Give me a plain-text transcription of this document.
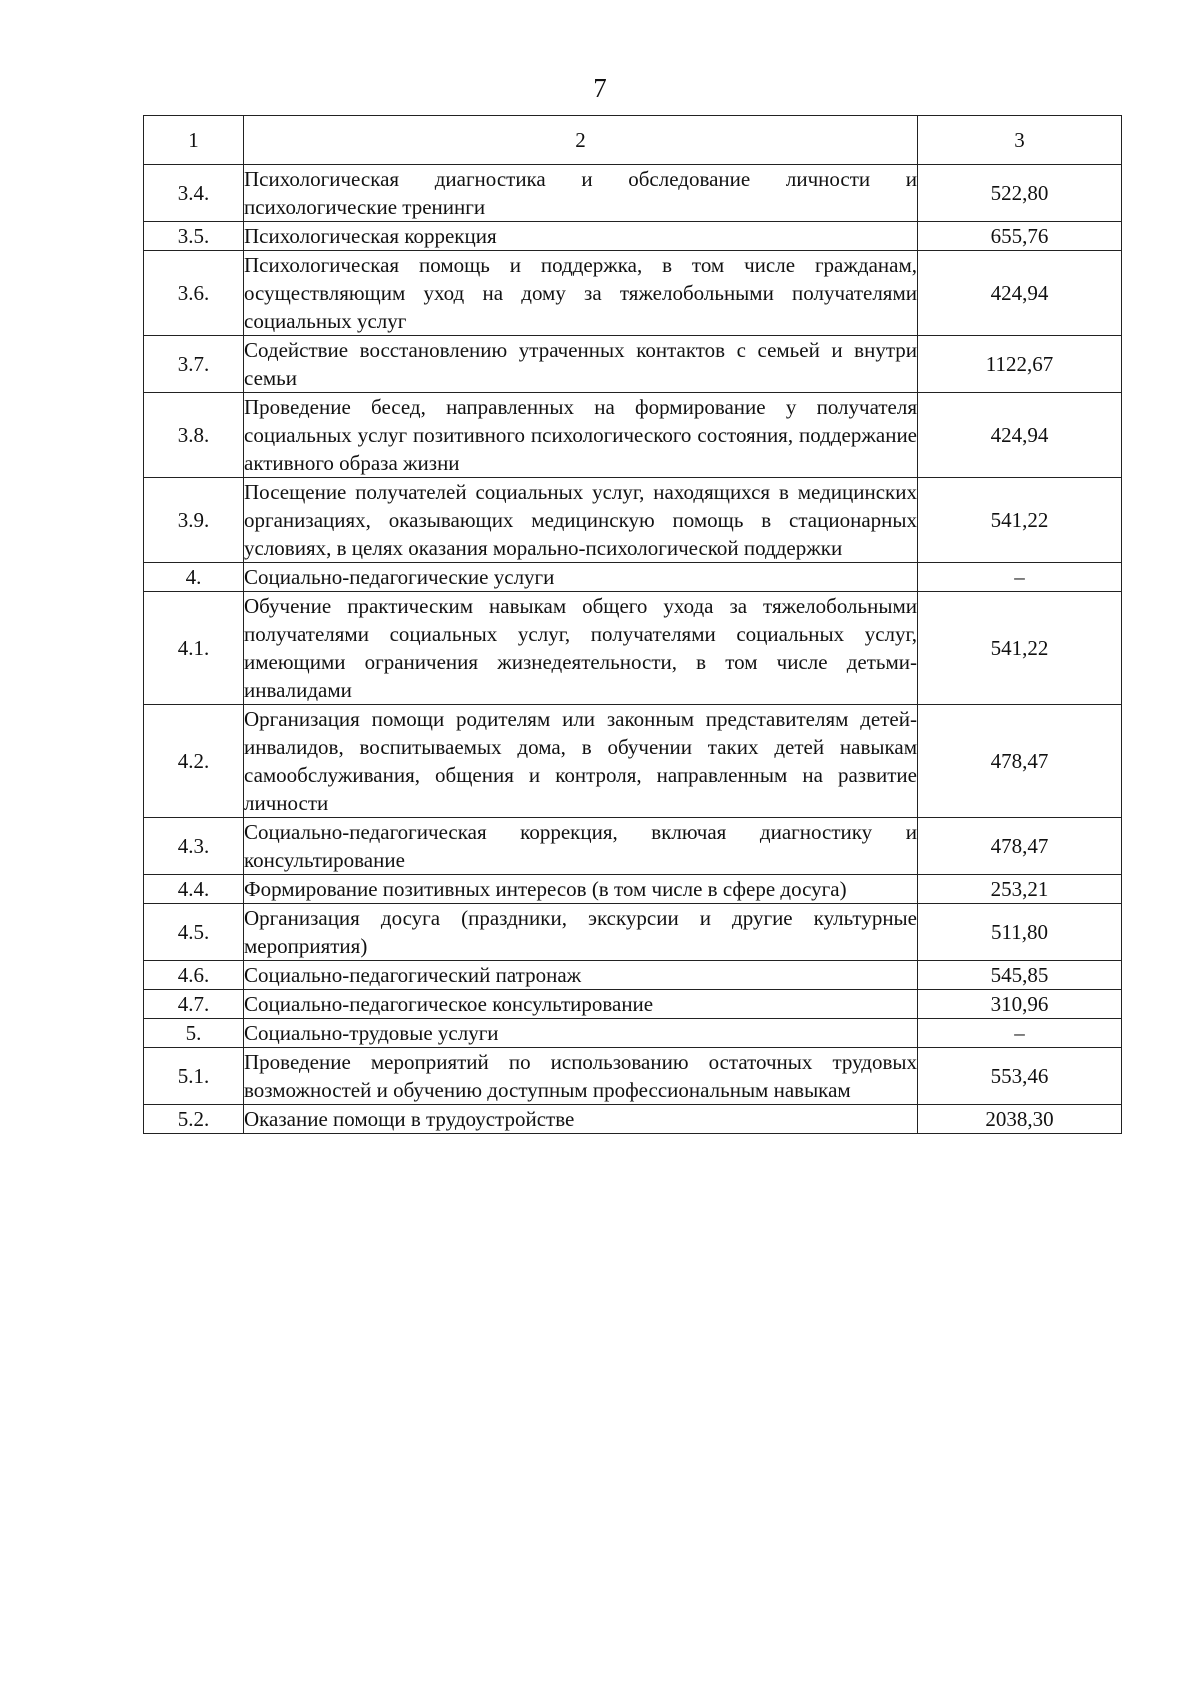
7
1	2	3
3.4.	Психологическая диагностика и обследование личности и психологические тренинги	522,80
3.5.	Психологическая коррекция	655,76
3.6.	Психологическая помощь и поддержка, в том числе гражданам, осуществляющим уход на дому за тяжелобольными получателями социальных услуг	424,94
3.7.	Содействие восстановлению утраченных контактов с семьей и внутри семьи	1122,67
3.8.	Проведение бесед, направленных на формирование у получателя социальных услуг позитивного психологического состояния, поддержание активного образа жизни	424,94
3.9.	Посещение получателей социальных услуг, находящихся в медицинских организациях, оказывающих медицинскую помощь в стационарных условиях, в целях оказания морально-психологической поддержки	541,22
4.	Социально-педагогические услуги	–
4.1.	Обучение практическим навыкам общего ухода за тяжелобольными получателями социальных услуг, получателями социальных услуг, имеющими ограничения жизнедеятельности, в том числе детьми-инвалидами	541,22
4.2.	Организация помощи родителям или законным представителям детей-инвалидов, воспитываемых дома, в обучении таких детей навыкам самообслуживания, общения и контроля, направленным на развитие личности	478,47
4.3.	Социально-педагогическая коррекция, включая диагностику и консультирование	478,47
4.4.	Формирование позитивных интересов (в том числе в сфере досуга)	253,21
4.5.	Организация досуга (праздники, экскурсии и другие культурные мероприятия)	511,80
4.6.	Социально-педагогический патронаж	545,85
4.7.	Социально-педагогическое консультирование	310,96
5.	Социально-трудовые услуги	–
5.1.	Проведение мероприятий по использованию остаточных трудовых возможностей и обучению доступным профессиональным навыкам	553,46
5.2.	Оказание помощи в трудоустройстве	2038,30
